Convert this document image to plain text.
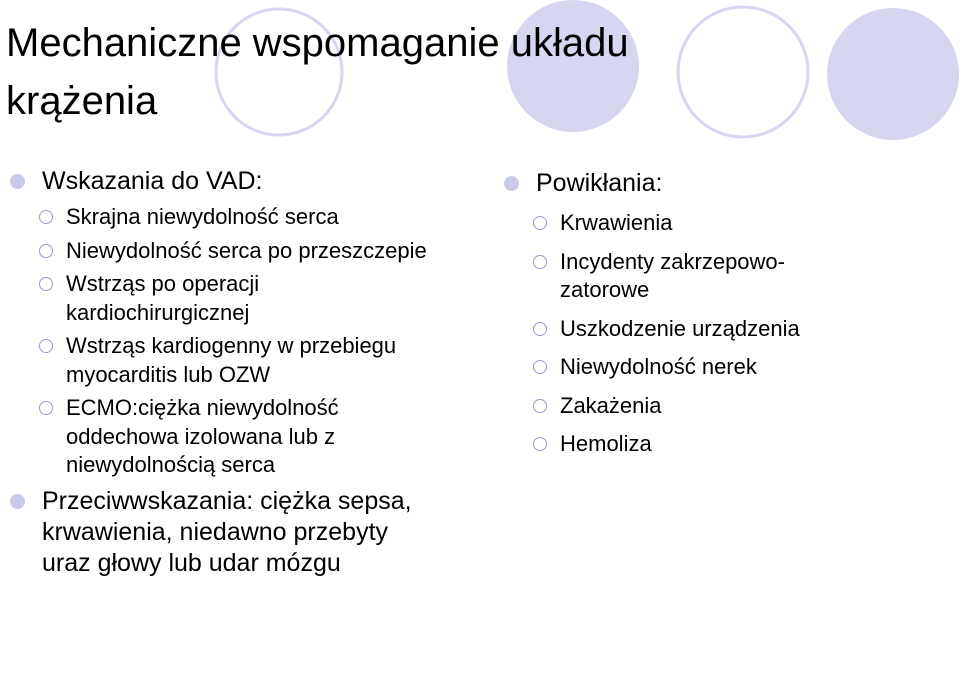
Mechaniczne wspomaganie układu krążenia
Wskazania do VAD:
Skrajna niewydolność serca
Niewydolność serca po przeszczepie
Wstrząs po operacji kardiochirurgicznej
Wstrząs kardiogenny w przebiegu myocarditis lub OZW
ECMO:ciężka niewydolność oddechowa izolowana lub z niewydolnością serca
Przeciwwskazania: ciężka sepsa, krwawienia, niedawno przebyty uraz głowy lub udar mózgu
Powikłania:
Krwawienia
Incydenty zakrzepowo-zatorowe
Uszkodzenie urządzenia
Niewydolność nerek
Zakażenia
Hemoliza
